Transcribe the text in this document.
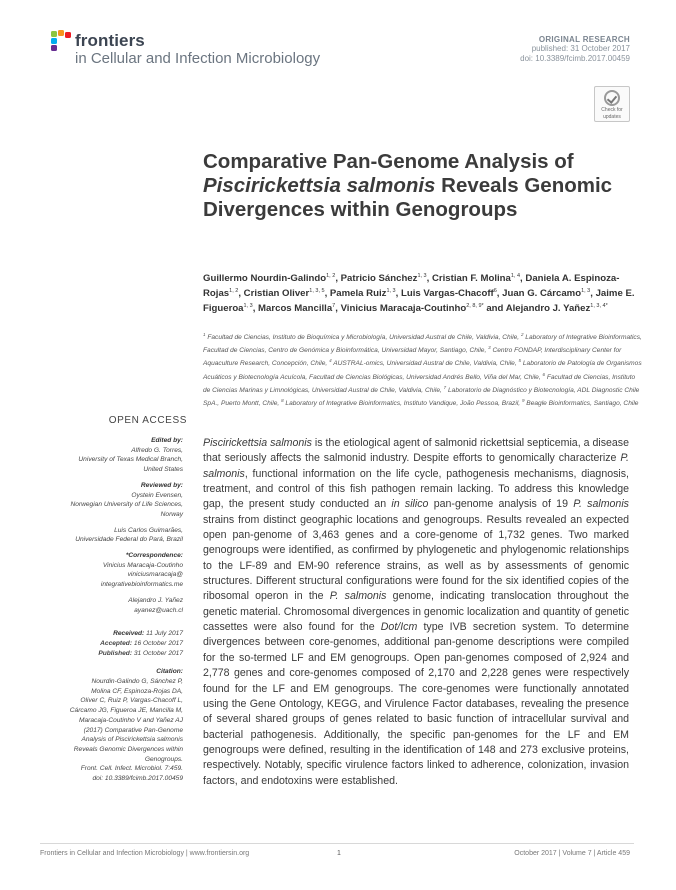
frontiers
in Cellular and Infection Microbiology
ORIGINAL RESEARCH
published: 31 October 2017
doi: 10.3389/fcimb.2017.00459
Check for
updates
Comparative Pan-Genome Analysis of Piscirickettsia salmonis Reveals Genomic Divergences within Genogroups
Guillermo Nourdin-Galindo$^{1, 2}$, Patricio Sánchez$^{1, 3}$, Cristian F. Molina$^{1, 4}$, Daniela A. Espinoza-Rojas$^{1, 2}$, Cristian Oliver$^{1, 3, 5}$, Pamela Ruiz$^{1, 3}$, Luis Vargas-Chacoff$^6$, Juan G. Cárcamo$^{1, 3}$, Jaime E. Figueroa$^{1, 3}$, Marcos Mancilla$^7$, Vinicius Maracaja-Coutinho$^{2, 8, 9*}$ and Alejandro J. Yañez$^{1, 3, 4*}$
$^1$ Facultad de Ciencias, Instituto de Bioquímica y Microbiología, Universidad Austral de Chile, Valdivia, Chile, $^2$ Laboratory of Integrative Bioinformatics, Facultad de Ciencias, Centro de Genómica y Bioinformática, Universidad Mayor, Santiago, Chile, $^3$ Centro FONDAP, Interdisciplinary Center for Aquaculture Research, Concepción, Chile, $^4$ AUSTRAL-omics, Universidad Austral de Chile, Valdivia, Chile, $^5$ Laboratorio de Patología de Organismos Acuáticos y Biotecnología Acuícola, Facultad de Ciencias Biológicas, Universidad Andrés Bello, Viña del Mar, Chile, $^6$ Facultad de Ciencias, Instituto de Ciencias Marinas y Limnológicas, Universidad Austral de Chile, Valdivia, Chile, $^7$ Laboratorio de Diagnóstico y Biotecnología, ADL Diagnostic Chile SpA., Puerto Montt, Chile, $^8$ Laboratory of Integrative Bioinformatics, Instituto Vandique, João Pessoa, Brazil, $^9$ Beagle Bioinformatics, Santiago, Chile
OPEN ACCESS
Edited by:
Alfredo G. Torres,
University of Texas Medical Branch,
United States
Reviewed by:
Oystein Evensen,
Norwegian University of Life Sciences,
Norway
Luis Carlos Guimarães,
Universidade Federal do Pará, Brazil
*Correspondence:
Vinicius Maracaja-Coutinho
viniciusmaracaja@
integrativebioinformatics.me
Alejandro J. Yañez
ayanez@uach.cl
Received: 11 July 2017
Accepted: 16 October 2017
Published: 31 October 2017
Citation:
Nourdin-Galindo G, Sánchez P,
Molina CF, Espinoza-Rojas DA,
Oliver C, Ruiz P, Vargas-Chacoff L,
Cárcamo JG, Figueroa JE, Mancilla M,
Maracaja-Coutinho V and Yañez AJ
(2017) Comparative Pan-Genome
Analysis of Piscirickettsia salmonis
Reveals Genomic Divergences within
Genogroups.
Front. Cell. Infect. Microbiol. 7:459.
doi: 10.3389/fcimb.2017.00459

Piscirickettsia salmonis is the etiological agent of salmonid rickettsial septicemia, a disease that seriously affects the salmonid industry. Despite efforts to genomically characterize P. salmonis, functional information on the life cycle, pathogenesis mechanisms, diagnosis, treatment, and control of this fish pathogen remain lacking. To address this knowledge gap, the present study conducted an in silico pan-genome analysis of 19 P. salmonis strains from distinct geographic locations and genogroups. Results revealed an expected open pan-genome of 3,463 genes and a core-genome of 1,732 genes. Two marked genogroups were identified, as confirmed by phylogenetic and phylogenomic relationships to the LF-89 and EM-90 reference strains, as well as by assessments of genomic structures. Different structural configurations were found for the six identified copies of the ribosomal operon in the P. salmonis genome, indicating translocation throughout the genetic material. Chromosomal divergences in genomic localization and quantity of genetic cassettes were also found for the Dot/Icm type IVB secretion system. To determine divergences between core-genomes, additional pan-genome descriptions were compiled for the so-termed LF and EM genogroups. Open pan-genomes composed of 2,924 and 2,778 genes and core-genomes composed of 2,170 and 2,228 genes were respectively found for the LF and EM genogroups. The core-genomes were functionally annotated using the Gene Ontology, KEGG, and Virulence Factor databases, revealing the presence of several shared groups of genes related to basic function of intracellular survival and bacterial pathogenesis. Additionally, the specific pan-genomes for the LF and EM genogroups were defined, resulting in the identification of 148 and 273 exclusive proteins, respectively. Notably, specific virulence factors linked to adherence, colonization, invasion factors, and endotoxins were established.

Frontiers in Cellular and Infection Microbiology | www.frontiersin.org	1	October 2017 | Volume 7 | Article 459
